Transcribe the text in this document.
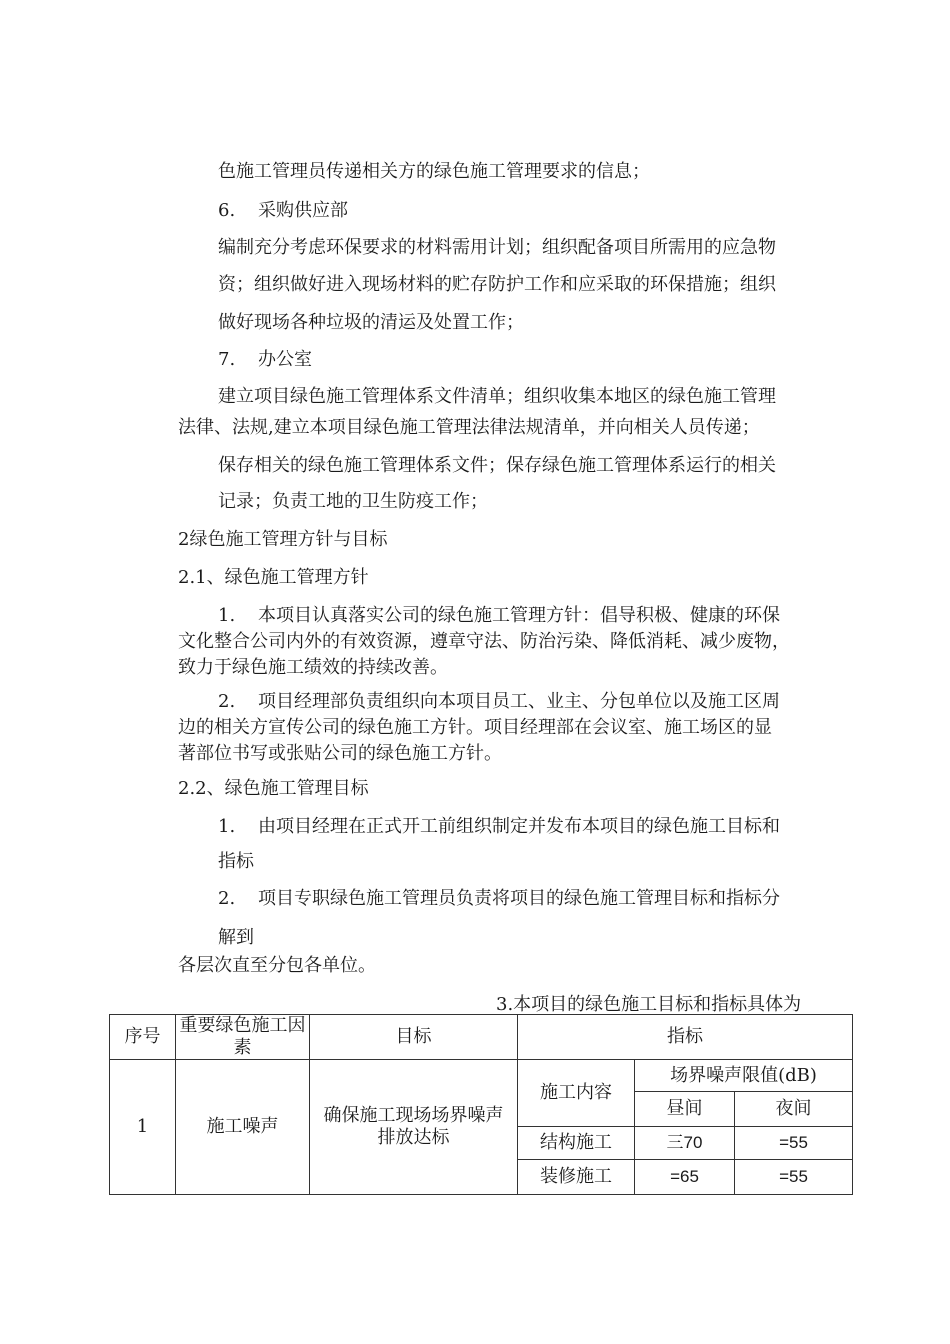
色施工管理员传递相关方的绿色施工管理要求的信息；
6. 采购供应部
编制充分考虑环保要求的材料需用计划；组织配备项目所需用的应急物
资；组织做好进入现场材料的贮存防护工作和应采取的环保措施；组织
做好现场各种垃圾的清运及处置工作；
7. 办公室
建立项目绿色施工管理体系文件清单；组织收集本地区的绿色施工管理
法律、法规,建立本项目绿色施工管理法律法规清单，并向相关人员传递；
保存相关的绿色施工管理体系文件；保存绿色施工管理体系运行的相关
记录；负责工地的卫生防疫工作；
2绿色施工管理方针与目标
2.1、绿色施工管理方针
1. 本项目认真落实公司的绿色施工管理方针：倡导积极、健康的环保
文化整合公司内外的有效资源，遵章守法、防治污染、降低消耗、减少废物，
致力于绿色施工绩效的持续改善。
2. 项目经理部负责组织向本项目员工、业主、分包单位以及施工区周
边的相关方宣传公司的绿色施工方针。项目经理部在会议室、施工场区的显
著部位书写或张贴公司的绿色施工方针。
2.2、绿色施工管理目标
1. 由项目经理在正式开工前组织制定并发布本项目的绿色施工目标和
指标
2. 项目专职绿色施工管理员负责将项目的绿色施工管理目标和指标分
解到
各层次直至分包各单位。
3.本项目的绿色施工目标和指标具体为
序号	重要绿色施工因素	目标	指标		
1	施工噪声	确保施工现场场界噪声排放达标	施工内容	场界噪声限值(dB)	
				昼间	夜间
			结构施工	三70	=55
			装修施工	=65	=55
